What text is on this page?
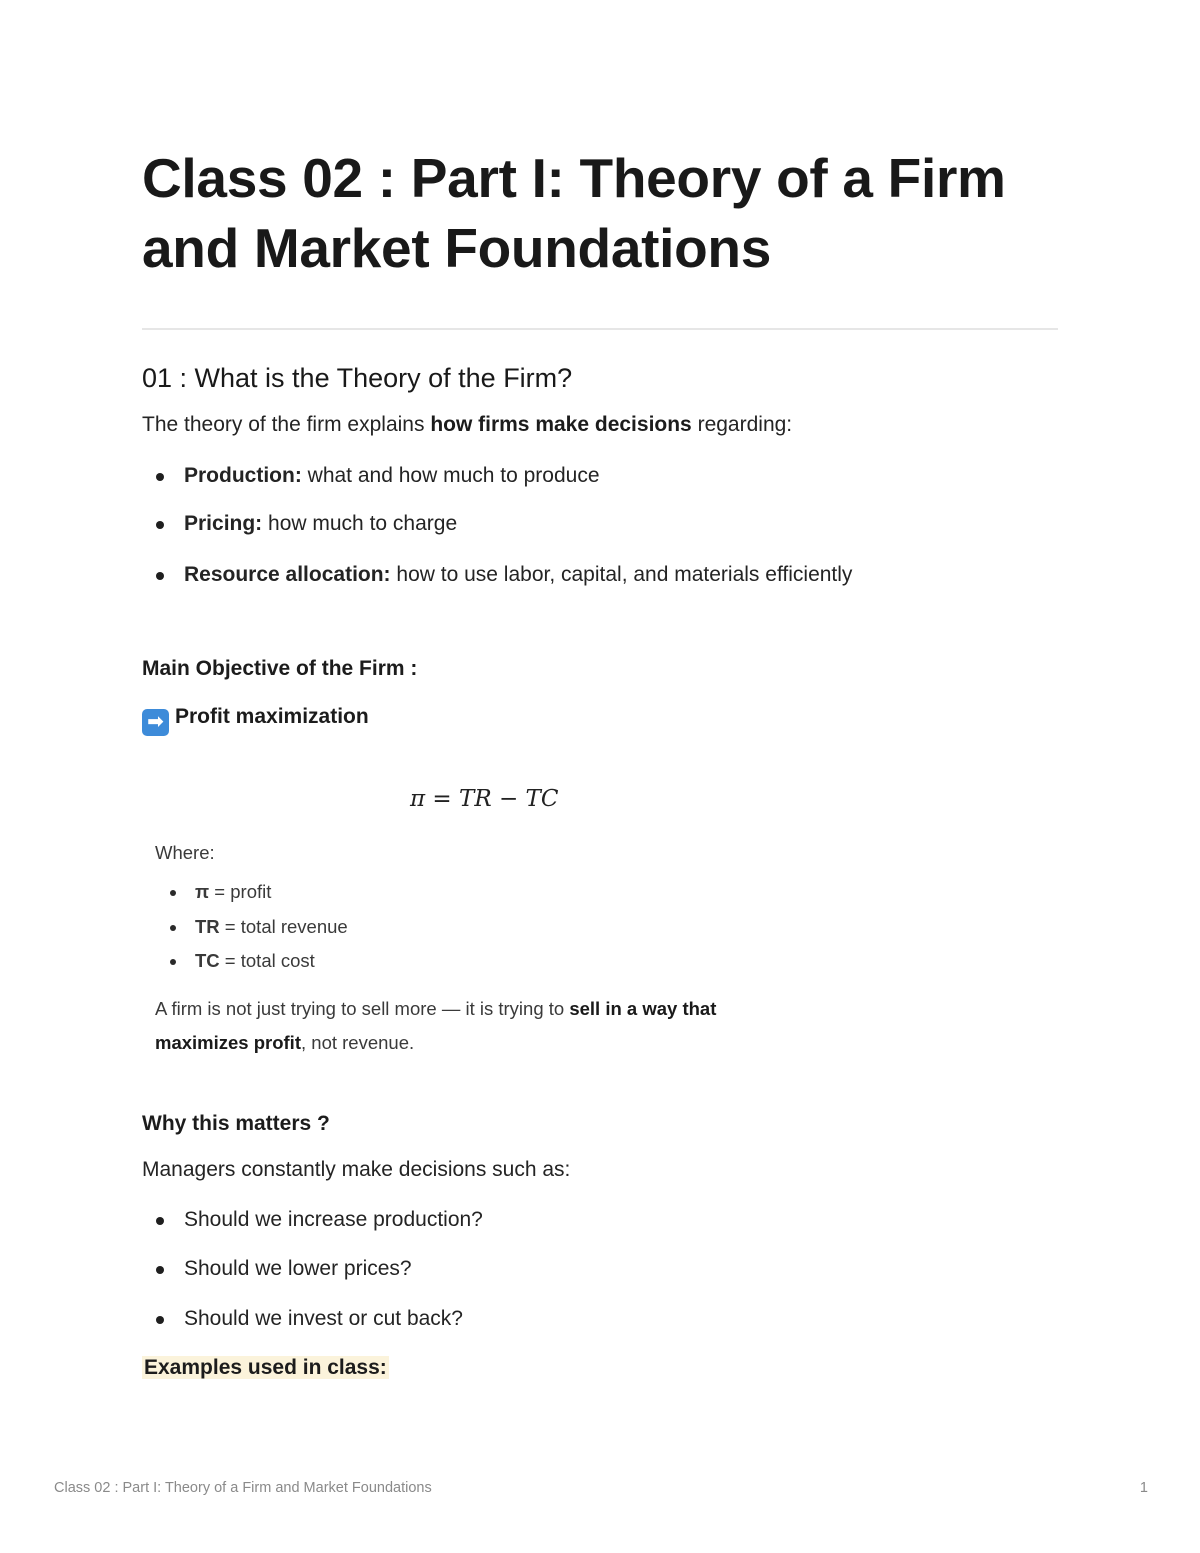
Class 02 : Part I: Theory of a Firm and Market Foundations
01 : What is the Theory of the Firm?

The theory of the firm explains how firms make decisions regarding:

Production: what and how much to produce
Pricing: how much to charge
Resource allocation: how to use labor, capital, and materials efficiently

Main Objective of the Firm :

➡ Profit maximization

π = TR − TC

Where:

π = profit
TR = total revenue
TC = total cost

A firm is not just trying to sell more — it is trying to sell in a way that
maximizes profit, not revenue.

Why this matters ?

Managers constantly make decisions such as:

Should we increase production?
Should we lower prices?
Should we invest or cut back?

Examples used in class:

Class 02 : Part I: Theory of a Firm and Market Foundations	1
